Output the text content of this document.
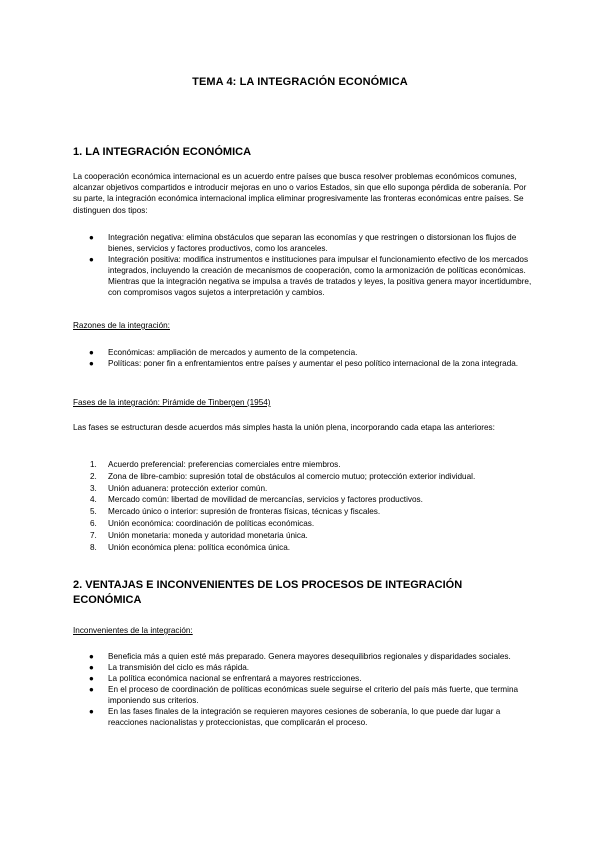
TEMA 4: LA INTEGRACIÓN ECONÓMICA
1. LA INTEGRACIÓN ECONÓMICA
La cooperación económica internacional es un acuerdo entre países que busca resolver problemas económicos comunes, alcanzar objetivos compartidos e introducir mejoras en uno o varios Estados, sin que ello suponga pérdida de soberanía. Por su parte, la integración económica internacional implica eliminar progresivamente las fronteras económicas entre países. Se distinguen dos tipos:
●	Integración negativa: elimina obstáculos que separan las economías y que restringen o distorsionan los flujos de bienes, servicios y factores productivos, como los aranceles.
●	Integración positiva: modifica instrumentos e instituciones para impulsar el funcionamiento efectivo de los mercados integrados, incluyendo la creación de mecanismos de cooperación, como la armonización de políticas económicas. Mientras que la integración negativa se impulsa a través de tratados y leyes, la positiva genera mayor incertidumbre, con compromisos vagos sujetos a interpretación y cambios.
Razones de la integración:
●	Económicas: ampliación de mercados y aumento de la competencia.
●	Políticas: poner fin a enfrentamientos entre países y aumentar el peso político internacional de la zona integrada.
Fases de la integración: Pirámide de Tinbergen (1954)
Las fases se estructuran desde acuerdos más simples hasta la unión plena, incorporando cada etapa las anteriores:
1.	Acuerdo preferencial: preferencias comerciales entre miembros.
2.	Zona de libre-cambio: supresión total de obstáculos al comercio mutuo; protección exterior individual.
3.	Unión aduanera: protección exterior común.
4.	Mercado común: libertad de movilidad de mercancías, servicios y factores productivos.
5.	Mercado único o interior: supresión de fronteras físicas, técnicas y fiscales.
6.	Unión económica: coordinación de políticas económicas.
7.	Unión monetaria: moneda y autoridad monetaria única.
8.	Unión económica plena: política económica única.
2. VENTAJAS E INCONVENIENTES DE LOS PROCESOS DE INTEGRACIÓN ECONÓMICA
Inconvenientes de la integración:
●	Beneficia más a quien esté más preparado. Genera mayores desequilibrios regionales y disparidades sociales.
●	La transmisión del ciclo es más rápida.
●	La política económica nacional se enfrentará a mayores restricciones.
●	En el proceso de coordinación de políticas económicas suele seguirse el criterio del país más fuerte, que termina imponiendo sus criterios.
●	En las fases finales de la integración se requieren mayores cesiones de soberanía, lo que puede dar lugar a reacciones nacionalistas y proteccionistas, que complicarán el proceso.
